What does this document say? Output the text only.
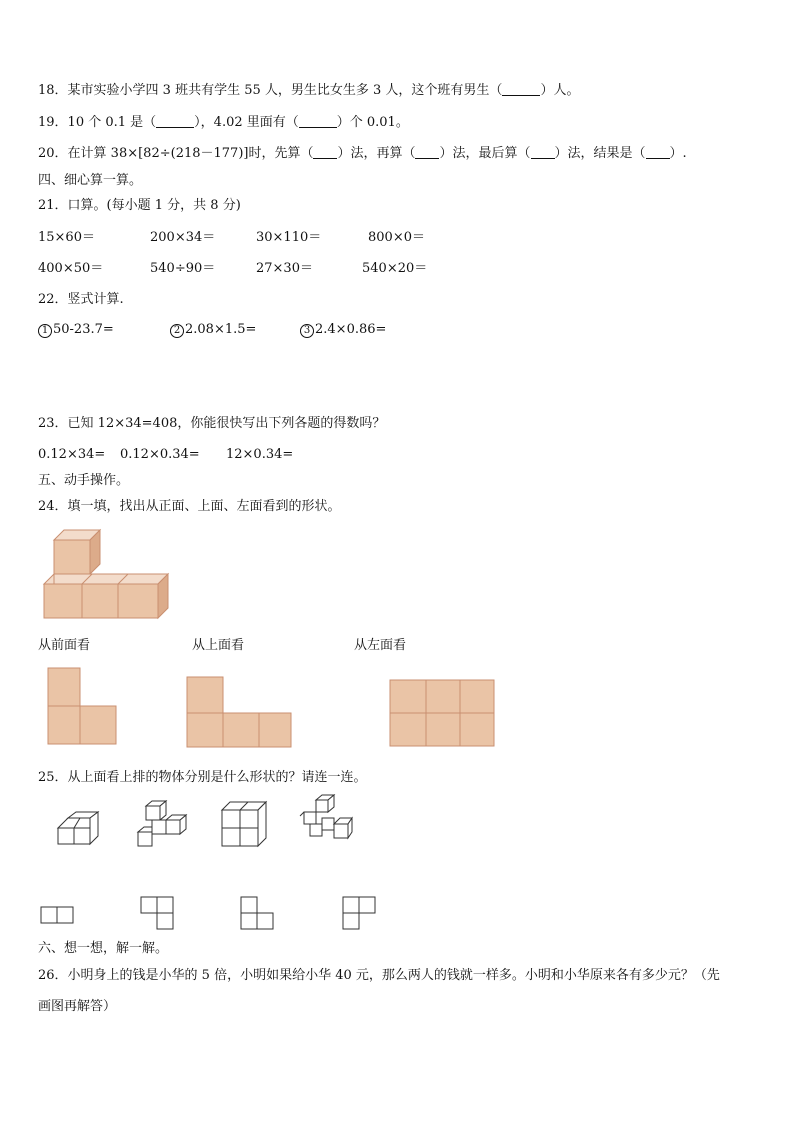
18．某市实验小学四 3 班共有学生 55 人，男生比女生多 3 人，这个班有男生（	）人。
19．10 个 0.1 是（	），4.02 里面有（	）个 0.01。
20．在计算 38×[82÷(218－177)]时，先算（ ）法，再算（ ）法，最后算（ ）法，结果是（ ）.
四、细心算一算。
21．口算。(每小题 1 分，共 8 分)
15×60＝	200×34＝	30×110＝	800×0＝
400×50＝	540÷90＝	27×30＝	540×20＝
22．竖式计算.
1 50-23.7=	2 2.08×1.5=	3 2.4×0.86=
23．已知 12×34=408，你能很快写出下列各题的得数吗？
0.12×34= 0.12×0.34= 12×0.34=
五、动手操作。
24．填一填，找出从正面、上面、左面看到的形状。
从前面看	从上面看	从左面看
25．从上面看上排的物体分别是什么形状的？请连一连。
六、想一想，解一解。
26．小明身上的钱是小华的 5 倍，小明如果给小华 40 元，那么两人的钱就一样多。小明和小华原来各有多少元？（先
画图再解答）
